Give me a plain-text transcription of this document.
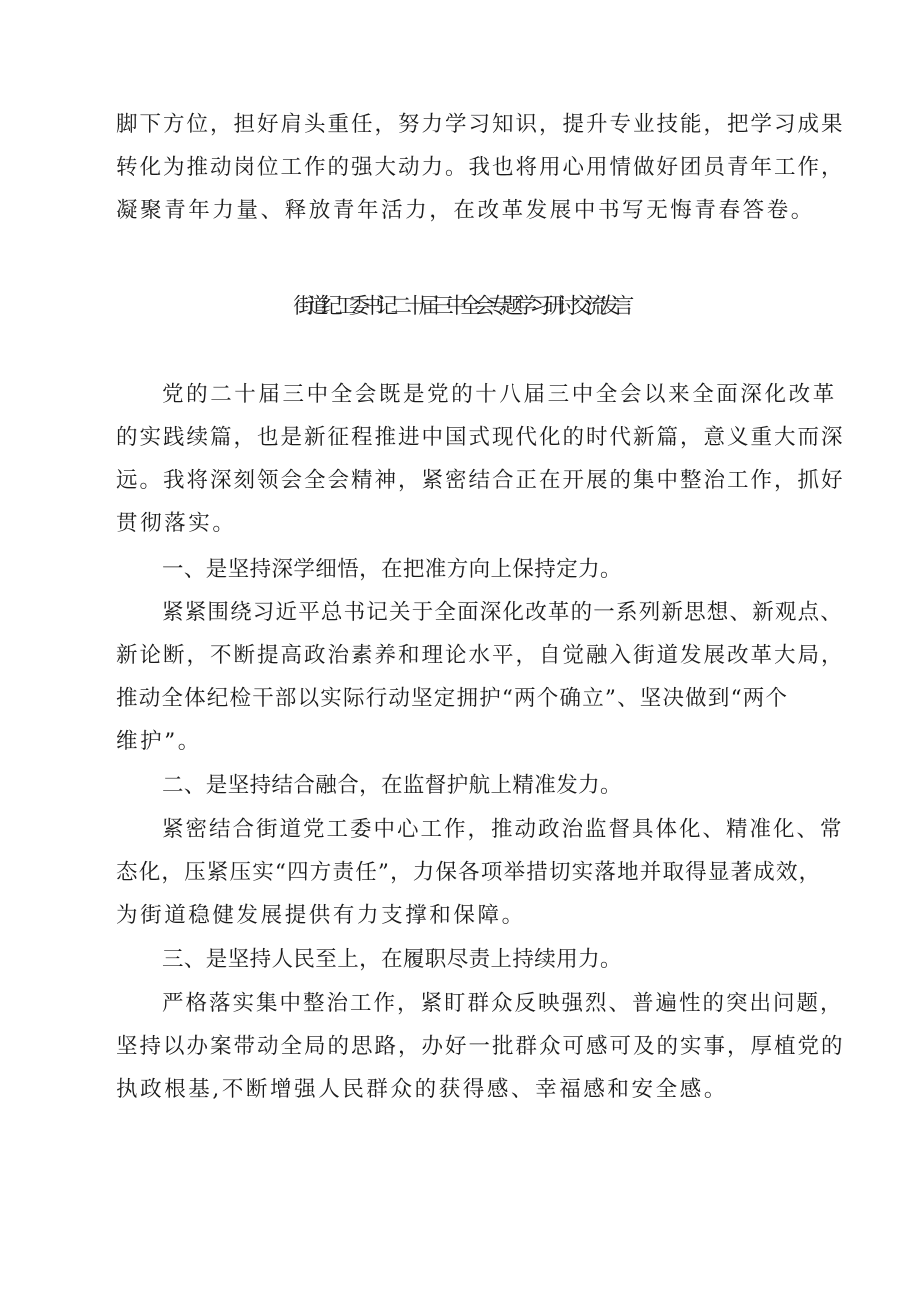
脚下方位，担好肩头重任，努力学习知识，提升专业技能，把学习成果
转化为推动岗位工作的强大动力。我也将用心用情做好团员青年工作，
凝聚青年力量、释放青年活力，在改革发展中书写无悔青春答卷。
街道纪工委书记二十届三中全会专题学习研讨交流发言
党的二十届三中全会既是党的十八届三中全会以来全面深化改革
的实践续篇，也是新征程推进中国式现代化的时代新篇，意义重大而深
远。我将深刻领会全会精神，紧密结合正在开展的集中整治工作，抓好
贯彻落实。
一、是坚持深学细悟，在把准方向上保持定力。
紧紧围绕习近平总书记关于全面深化改革的一系列新思想、新观点、
新论断，不断提高政治素养和理论水平，自觉融入街道发展改革大局，
推动全体纪检干部以实际行动坚定拥护“两个确立”、坚决做到“两个
维护”。
二、是坚持结合融合，在监督护航上精准发力。
紧密结合街道党工委中心工作，推动政治监督具体化、精准化、常
态化，压紧压实“四方责任”，力保各项举措切实落地并取得显著成效，
为街道稳健发展提供有力支撑和保障。
三、是坚持人民至上，在履职尽责上持续用力。
严格落实集中整治工作，紧盯群众反映强烈、普遍性的突出问题，
坚持以办案带动全局的思路，办好一批群众可感可及的实事，厚植党的
执政根基,不断增强人民群众的获得感、幸福感和安全感。
